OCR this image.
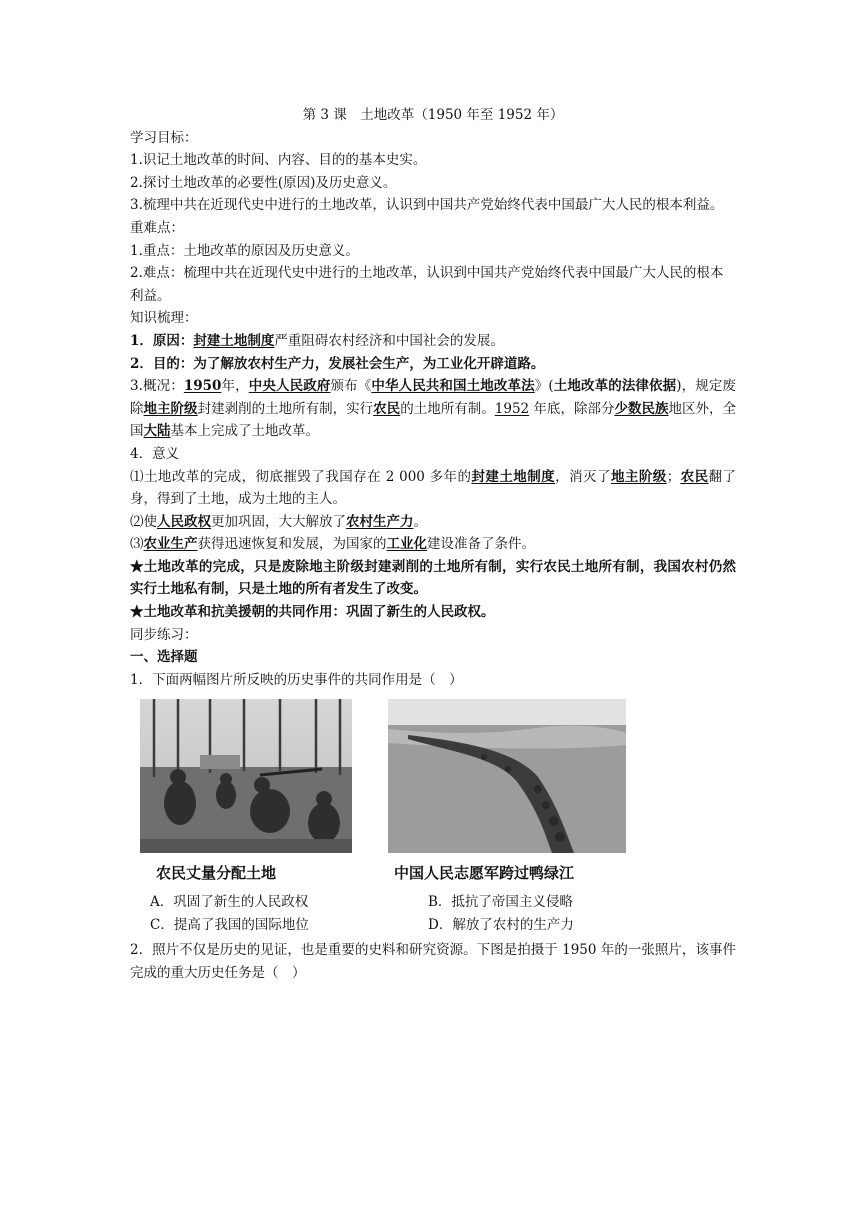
第 3 课　土地改革（1950 年至 1952 年）
学习目标：
1.识记土地改革的时间、内容、目的的基本史实。
2.探讨土地改革的必要性(原因)及历史意义。
3.梳理中共在近现代史中进行的土地改革，认识到中国共产党始终代表中国最广大人民的根本利益。
重难点：
1.重点：土地改革的原因及历史意义。
2.难点：梳理中共在近现代史中进行的土地改革，认识到中国共产党始终代表中国最广大人民的根本利益。
知识梳理：
1．原因：封建土地制度严重阻碍农村经济和中国社会的发展。
2．目的：为了解放农村生产力，发展社会生产，为工业化开辟道路。
3.概况：1950年，中央人民政府颁布《中华人民共和国土地改革法》(土地改革的法律依据)，规定废除地主阶级封建剥削的土地所有制，实行农民的土地所有制。1952 年底，除部分少数民族地区外，全国大陆基本上完成了土地改革。
4．意义
⑴土地改革的完成，彻底摧毁了我国存在 2 000 多年的封建土地制度，消灭了地主阶级；农民翻了身，得到了土地，成为土地的主人。
⑵使人民政权更加巩固，大大解放了农村生产力。
⑶农业生产获得迅速恢复和发展，为国家的工业化建设准备了条件。
★土地改革的完成，只是废除地主阶级封建剥削的土地所有制，实行农民土地所有制，我国农村仍然实行土地私有制，只是土地的所有者发生了改变。
★土地改革和抗美援朝的共同作用：巩固了新生的人民政权。
同步练习：
一、选择题
1．下面两幅图片所反映的历史事件的共同作用是（　）
农民丈量分配土地	中国人民志愿军跨过鸭绿江
A．巩固了新生的人民政权	B．抵抗了帝国主义侵略
C．提高了我国的国际地位	D．解放了农村的生产力
2．照片不仅是历史的见证，也是重要的史料和研究资源。下图是拍摄于 1950 年的一张照片，该事件完成的重大历史任务是（　）
